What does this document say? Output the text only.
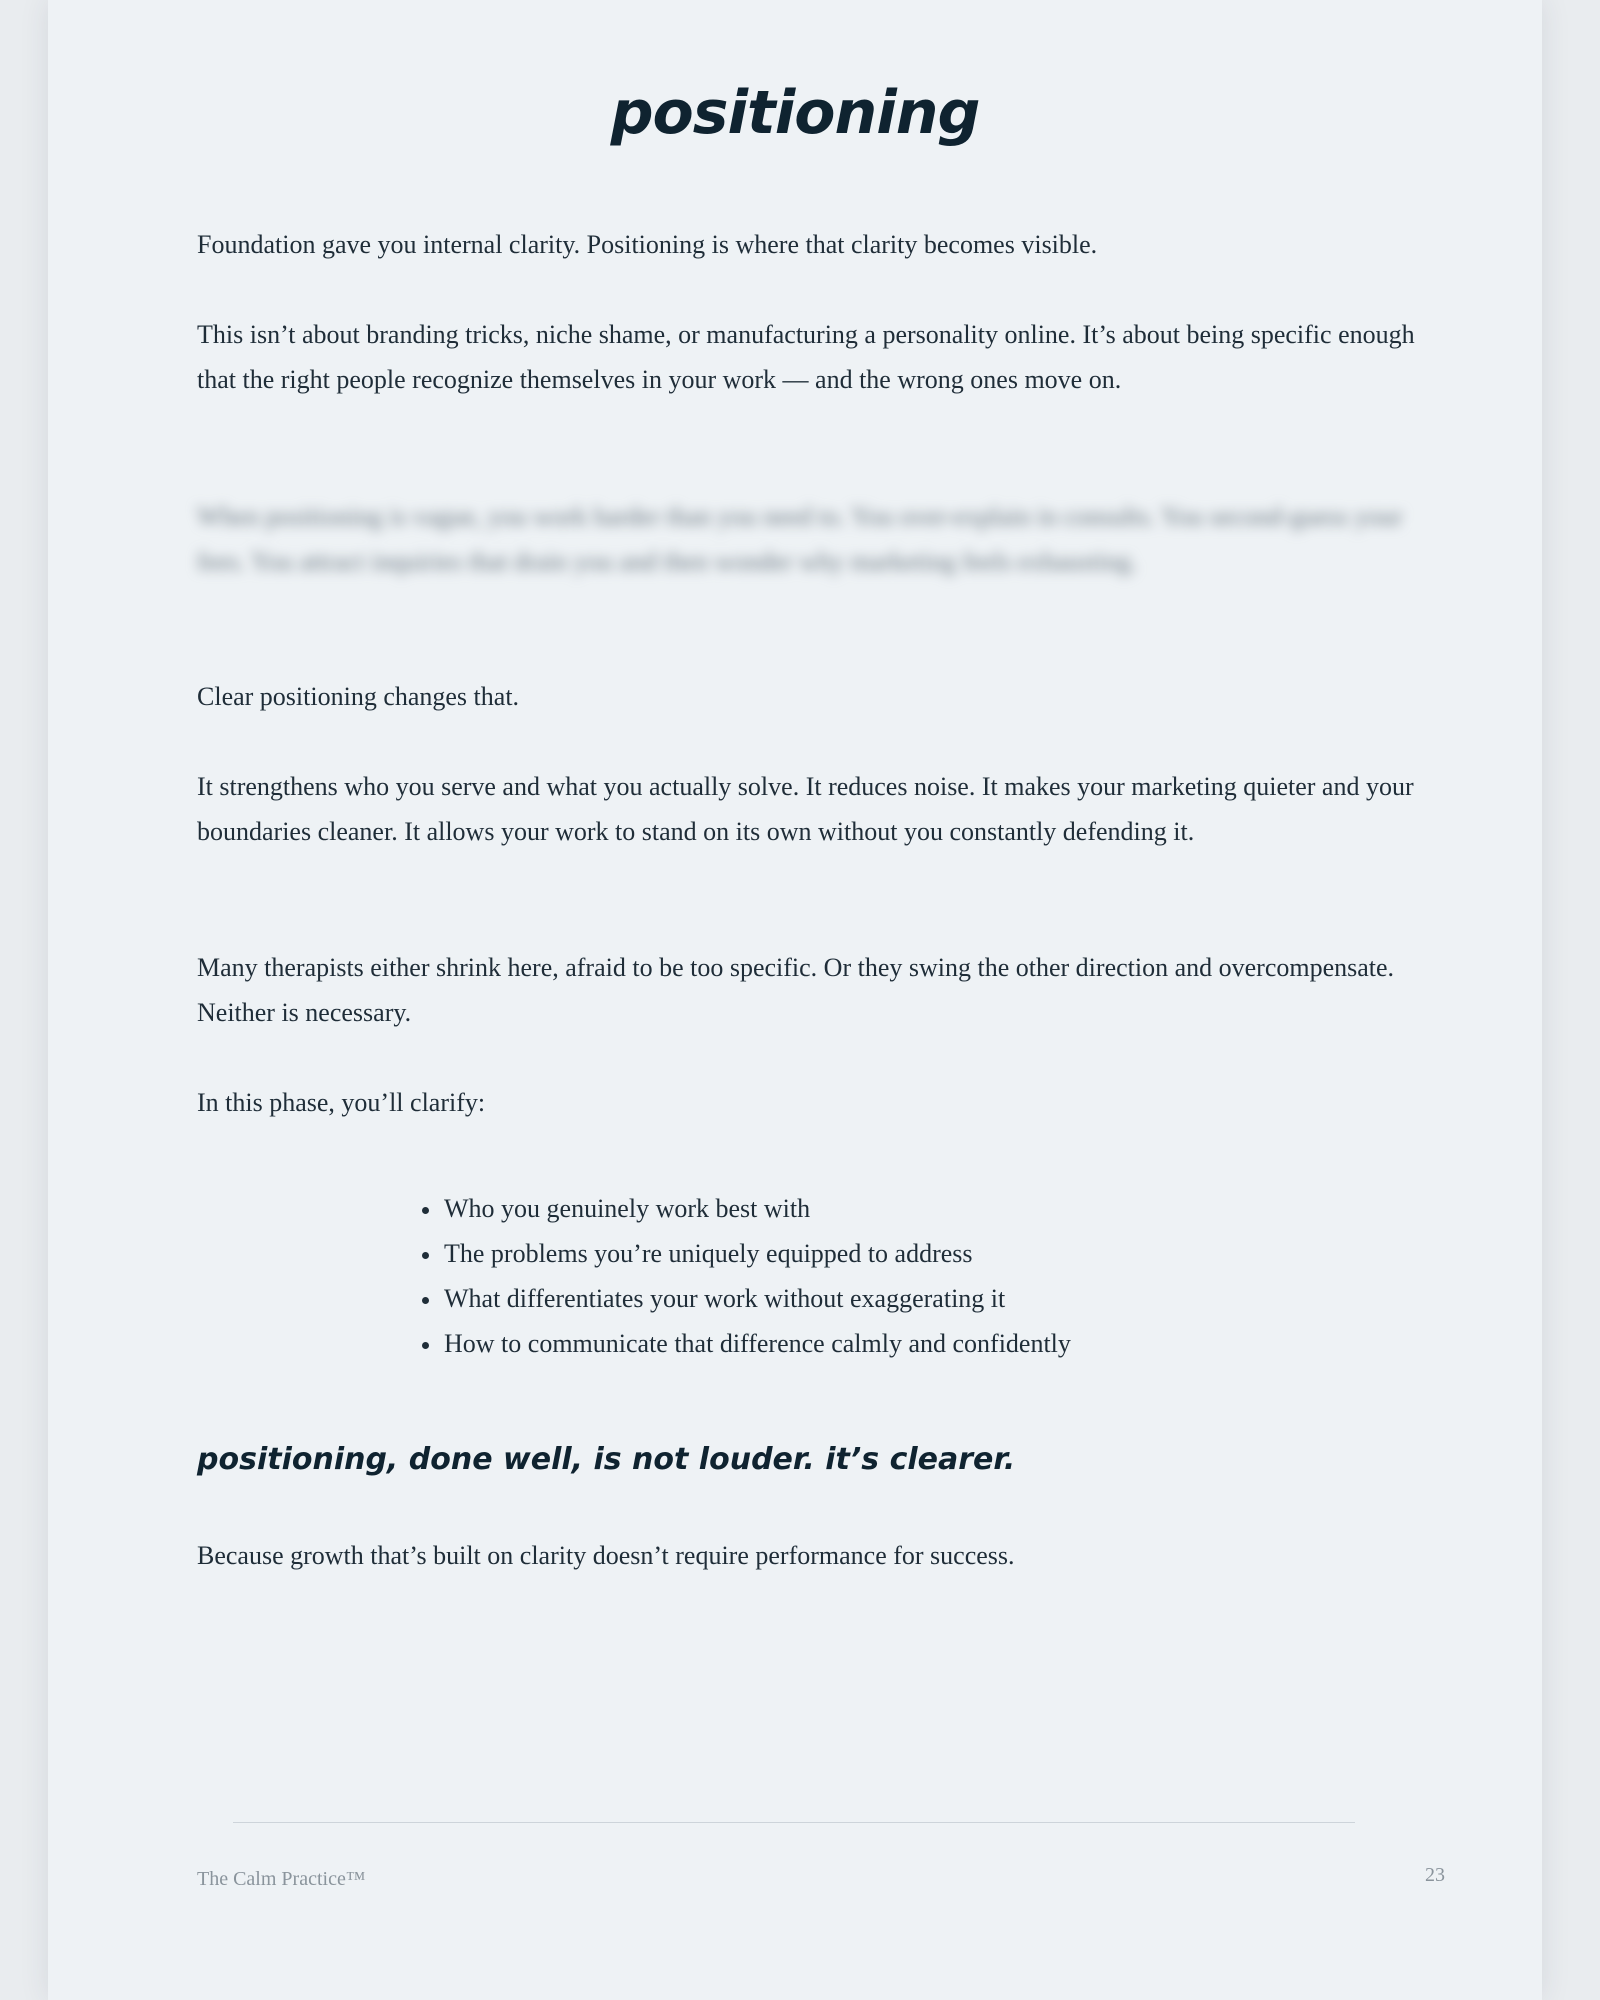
positioning

Foundation gave you internal clarity. Positioning is where that clarity becomes visible.

This isn’t about branding tricks, niche shame, or manufacturing a personality online. It’s about being specific enough that the right people recognize themselves in your work — and the wrong ones move on.

When positioning is vague, you work harder than you need to. You over-explain in consults. You second-guess your fees. You attract inquiries that drain you and then wonder why marketing feels exhausting.

Clear positioning changes that.

It strengthens who you serve and what you actually solve. It reduces noise. It makes your marketing quieter and your boundaries cleaner. It allows your work to stand on its own without you constantly defending it.

Many therapists either shrink here, afraid to be too specific. Or they swing the other direction and overcompensate. Neither is necessary.

In this phase, you’ll clarify:

• Who you genuinely work best with
• The problems you’re uniquely equipped to address
• What differentiates your work without exaggerating it
• How to communicate that difference calmly and confidently
positioning, done well, is not louder. it’s clearer.

Because growth that’s built on clarity doesn’t require performance for success.

The Calm Practice™	23
